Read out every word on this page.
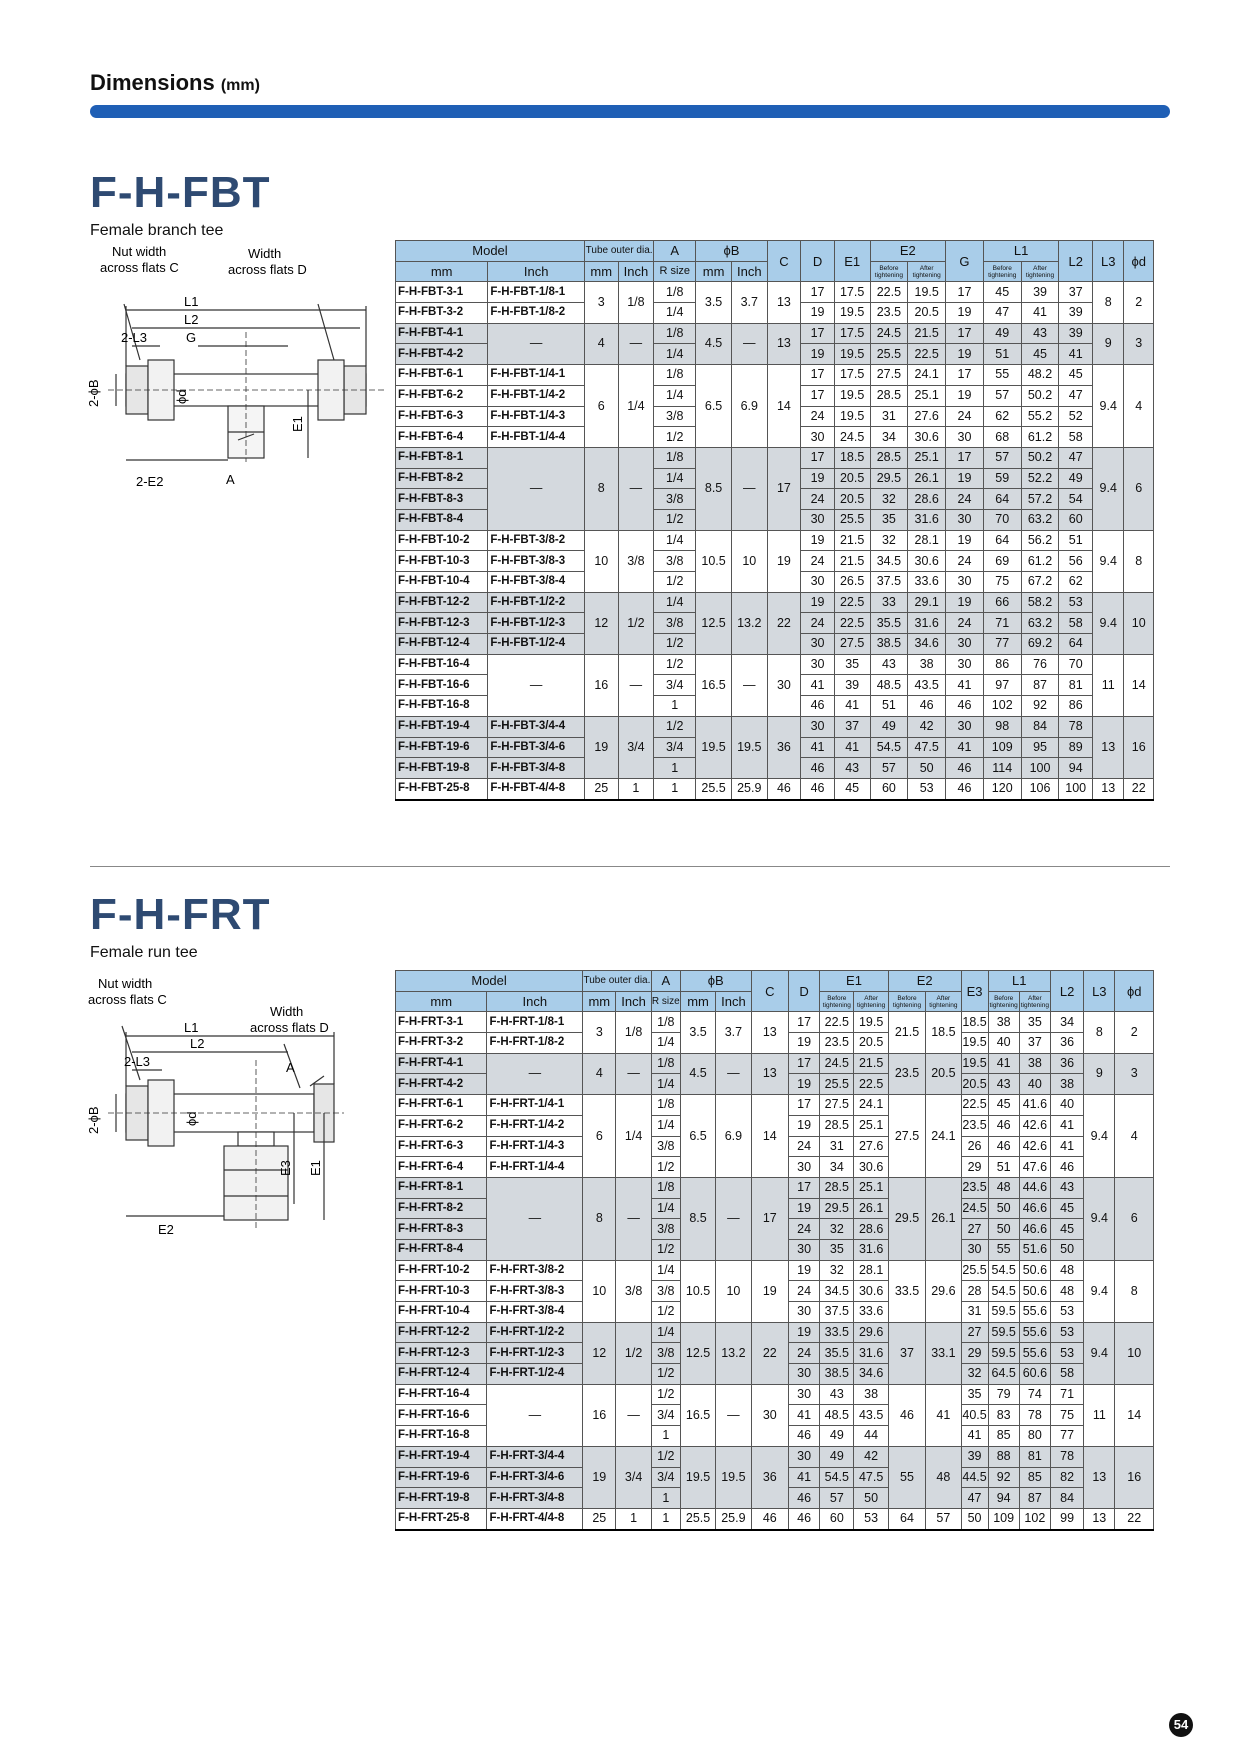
Dimensions (mm)
F-H-FBT
Female branch tee
Nut width
across flats C
Width
across flats D
L1
L2
2-L3	G
2-ϕB	ϕd
E1
2-E2	A
Model		Tube outer dia.		A	ϕB		C	D	E1	E2		G	L1		L2	L3	ϕd
mm	Inch	mm	Inch	R size	mm	Inch				Before tightening	After tightening		Before tightening	After tightening			
F-H-FBT-3-1	F-H-FBT-1/8-1	3	1/8	1/8	3.5	3.7	13	17	17.5	22.5	19.5	17	45	39	37	8	2
F-H-FBT-3-2	F-H-FBT-1/8-2			1/4				19	19.5	23.5	20.5	19	47	41	39		
F-H-FBT-4-1	—	4	—	1/8	4.5	—	13	17	17.5	24.5	21.5	17	49	43	39	9	3
F-H-FBT-4-2				1/4				19	19.5	25.5	22.5	19	51	45	41		
F-H-FBT-6-1	F-H-FBT-1/4-1	6	1/4	1/8	6.5	6.9	14	17	17.5	27.5	24.1	17	55	48.2	45	9.4	4
F-H-FBT-6-2	F-H-FBT-1/4-2			1/4				17	19.5	28.5	25.1	19	57	50.2	47		
F-H-FBT-6-3	F-H-FBT-1/4-3			3/8				24	19.5	31	27.6	24	62	55.2	52		
F-H-FBT-6-4	F-H-FBT-1/4-4			1/2				30	24.5	34	30.6	30	68	61.2	58		
F-H-FBT-8-1	—	8	—	1/8	8.5	—	17	17	18.5	28.5	25.1	17	57	50.2	47	9.4	6
F-H-FBT-8-2				1/4				19	20.5	29.5	26.1	19	59	52.2	49		
F-H-FBT-8-3				3/8				24	20.5	32	28.6	24	64	57.2	54		
F-H-FBT-8-4				1/2				30	25.5	35	31.6	30	70	63.2	60		
F-H-FBT-10-2	F-H-FBT-3/8-2	10	3/8	1/4	10.5	10	19	19	21.5	32	28.1	19	64	56.2	51	9.4	8
F-H-FBT-10-3	F-H-FBT-3/8-3			3/8				24	21.5	34.5	30.6	24	69	61.2	56		
F-H-FBT-10-4	F-H-FBT-3/8-4			1/2				30	26.5	37.5	33.6	30	75	67.2	62		
F-H-FBT-12-2	F-H-FBT-1/2-2	12	1/2	1/4	12.5	13.2	22	19	22.5	33	29.1	19	66	58.2	53	9.4	10
F-H-FBT-12-3	F-H-FBT-1/2-3			3/8				24	22.5	35.5	31.6	24	71	63.2	58		
F-H-FBT-12-4	F-H-FBT-1/2-4			1/2				30	27.5	38.5	34.6	30	77	69.2	64		
F-H-FBT-16-4	—	16	—	1/2	16.5	—	30	30	35	43	38	30	86	76	70	11	14
F-H-FBT-16-6				3/4				41	39	48.5	43.5	41	97	87	81		
F-H-FBT-16-8				1				46	41	51	46	46	102	92	86		
F-H-FBT-19-4	F-H-FBT-3/4-4	19	3/4	1/2	19.5	19.5	36	30	37	49	42	30	98	84	78	13	16
F-H-FBT-19-6	F-H-FBT-3/4-6			3/4				41	41	54.5	47.5	41	109	95	89		
F-H-FBT-19-8	F-H-FBT-3/4-8			1				46	43	57	50	46	114	100	94		
F-H-FBT-25-8	F-H-FBT-4/4-8	25	1	1	25.5	25.9	46	46	45	60	53	46	120	106	100	13	22
F-H-FRT
Female run tee
Nut width
across flats C
Width
across flats D
L1
L2
2-L3	A
2-ϕB	ϕd
E3 E1
E2
Model		Tube outer dia.		A	ϕB		C	D	E1		E2		E3	L1		L2	L3	ϕd
mm	Inch	mm	Inch	R size	mm	Inch			Before tightening	After tightening	Before tightening	After tightening		Before tightening	After tightening			
F-H-FRT-3-1	F-H-FRT-1/8-1	3	1/8	1/8	3.5	3.7	13	17	22.5	19.5	21.5	18.5	18.5	38	35	34	8	2
F-H-FRT-3-2	F-H-FRT-1/8-2			1/4				19	23.5	20.5			19.5	40	37	36		
F-H-FRT-4-1	—	4	—	1/8	4.5	—	13	17	24.5	21.5	23.5	20.5	19.5	41	38	36	9	3
F-H-FRT-4-2				1/4				19	25.5	22.5			20.5	43	40	38		
F-H-FRT-6-1	F-H-FRT-1/4-1	6	1/4	1/8	6.5	6.9	14	17	27.5	24.1	27.5	24.1	22.5	45	41.6	40	9.4	4
F-H-FRT-6-2	F-H-FRT-1/4-2			1/4				19	28.5	25.1			23.5	46	42.6	41		
F-H-FRT-6-3	F-H-FRT-1/4-3			3/8				24	31	27.6			26	46	42.6	41		
F-H-FRT-6-4	F-H-FRT-1/4-4			1/2				30	34	30.6			29	51	47.6	46		
F-H-FRT-8-1	—	8	—	1/8	8.5	—	17	17	28.5	25.1	29.5	26.1	23.5	48	44.6	43	9.4	6
F-H-FRT-8-2				1/4				19	29.5	26.1			24.5	50	46.6	45		
F-H-FRT-8-3				3/8				24	32	28.6			27	50	46.6	45		
F-H-FRT-8-4				1/2				30	35	31.6			30	55	51.6	50		
F-H-FRT-10-2	F-H-FRT-3/8-2	10	3/8	1/4	10.5	10	19	19	32	28.1	33.5	29.6	25.5	54.5	50.6	48	9.4	8
F-H-FRT-10-3	F-H-FRT-3/8-3			3/8				24	34.5	30.6			28	54.5	50.6	48		
F-H-FRT-10-4	F-H-FRT-3/8-4			1/2				30	37.5	33.6			31	59.5	55.6	53		
F-H-FRT-12-2	F-H-FRT-1/2-2	12	1/2	1/4	12.5	13.2	22	19	33.5	29.6	37	33.1	27	59.5	55.6	53	9.4	10
F-H-FRT-12-3	F-H-FRT-1/2-3			3/8				24	35.5	31.6			29	59.5	55.6	53		
F-H-FRT-12-4	F-H-FRT-1/2-4			1/2				30	38.5	34.6			32	64.5	60.6	58		
F-H-FRT-16-4	—	16	—	1/2	16.5	—	30	30	43	38	46	41	35	79	74	71	11	14
F-H-FRT-16-6				3/4				41	48.5	43.5			40.5	83	78	75		
F-H-FRT-16-8				1				46	49	44			41	85	80	77		
F-H-FRT-19-4	F-H-FRT-3/4-4	19	3/4	1/2	19.5	19.5	36	30	49	42	55	48	39	88	81	78	13	16
F-H-FRT-19-6	F-H-FRT-3/4-6			3/4				41	54.5	47.5			44.5	92	85	82		
F-H-FRT-19-8	F-H-FRT-3/4-8			1				46	57	50			47	94	87	84		
F-H-FRT-25-8	F-H-FRT-4/4-8	25	1	1	25.5	25.9	46	46	60	53	64	57	50	109	102	99	13	22
54
